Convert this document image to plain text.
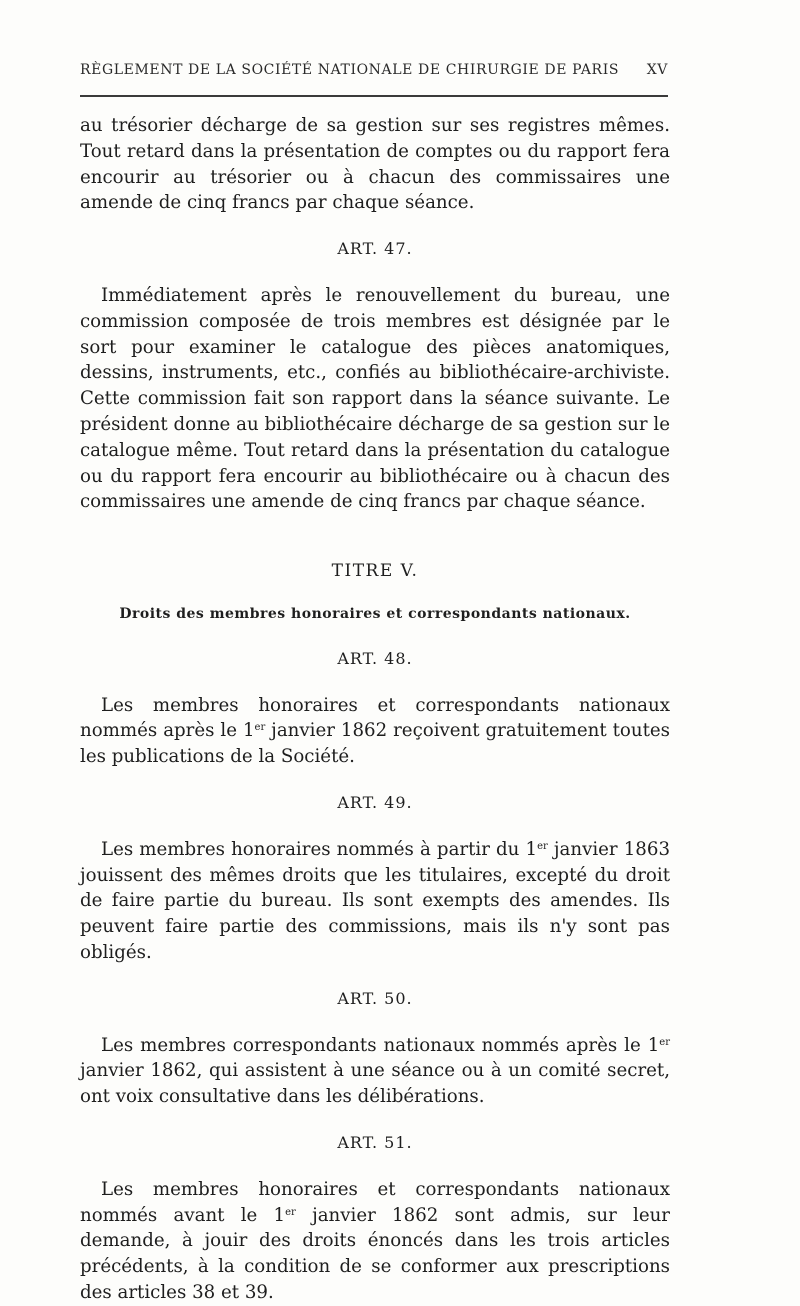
RÈGLEMENT DE LA SOCIÉTÉ NATIONALE DE CHIRURGIE DE PARIS XV

au trésorier décharge de sa gestion sur ses registres mêmes. Tout retard dans la présentation de comptes ou du rapport fera encourir au trésorier ou à chacun des commissaires une amende de cinq francs par chaque séance.

ART. 47.

Immédiatement après le renouvellement du bureau, une commission composée de trois membres est désignée par le sort pour examiner le catalogue des pièces anatomiques, dessins, instruments, etc., confiés au bibliothécaire-archiviste. Cette commission fait son rapport dans la séance suivante. Le président donne au bibliothécaire décharge de sa gestion sur le catalogue même. Tout retard dans la présentation du catalogue ou du rapport fera encourir au bibliothécaire ou à chacun des commissaires une amende de cinq francs par chaque séance.

TITRE V.
Droits des membres honoraires et correspondants nationaux.
ART. 48.

Les membres honoraires et correspondants nationaux nommés après le 1er janvier 1862 reçoivent gratuitement toutes les publications de la Société.

ART. 49.

Les membres honoraires nommés à partir du 1er janvier 1863 jouissent des mêmes droits que les titulaires, excepté du droit de faire partie du bureau. Ils sont exempts des amendes. Ils peuvent faire partie des commissions, mais ils n'y sont pas obligés.

ART. 50.

Les membres correspondants nationaux nommés après le 1er janvier 1862, qui assistent à une séance ou à un comité secret, ont voix consultative dans les délibérations.

ART. 51.

Les membres honoraires et correspondants nationaux nommés avant le 1er janvier 1862 sont admis, sur leur demande, à jouir des droits énoncés dans les trois articles précédents, à la condition de se conformer aux prescriptions des articles 38 et 39.
